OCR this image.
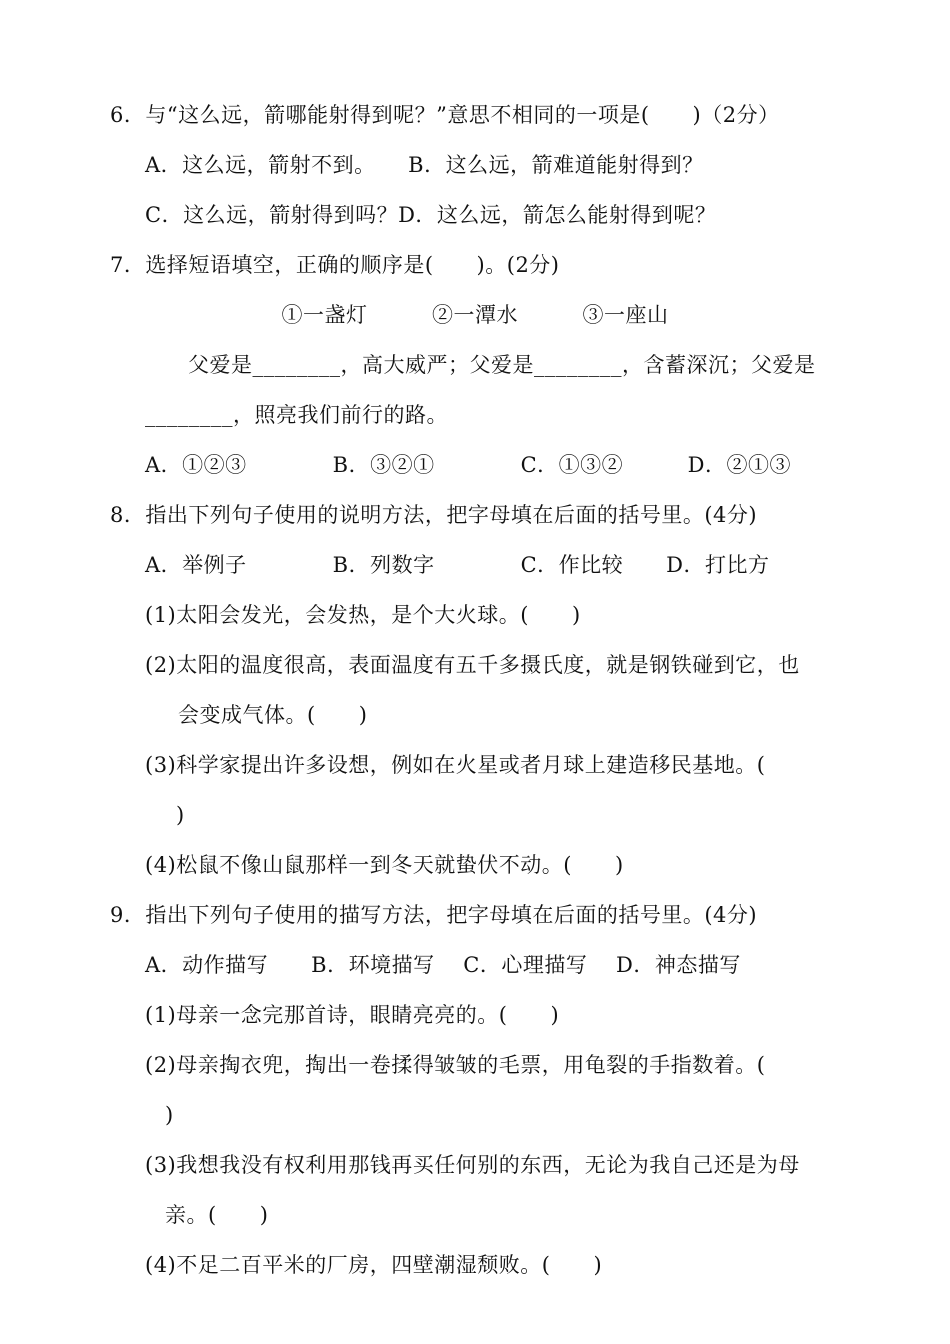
6．与“这么远，箭哪能射得到呢？”意思不相同的一项是(　　)（2分）
A．这么远，箭射不到。　　B．这么远，箭难道能射得到？
C．这么远，箭射得到吗？D．这么远，箭怎么能射得到呢？
7．选择短语填空，正确的顺序是(　　)。(2分)
①一盏灯　　　②一潭水　　　③一座山
父爱是________，高大威严；父爱是________，含蓄深沉；父爱是
________，照亮我们前行的路。
A．①②③　　　　B．③②①　　　　C．①③②　　　D．②①③
8．指出下列句子使用的说明方法，把字母填在后面的括号里。(4分)
A．举例子　　　　B．列数字　　　　C．作比较　　D．打比方
(1)太阳会发光，会发热，是个大火球。(　　)
(2)太阳的温度很高，表面温度有五千多摄氏度，就是钢铁碰到它，也
会变成气体。(　　)
(3)科学家提出许多设想，例如在火星或者月球上建造移民基地。(
)
(4)松鼠不像山鼠那样一到冬天就蛰伏不动。(　　)
9．指出下列句子使用的描写方法，把字母填在后面的括号里。(4分)
A．动作描写　　B．环境描写　 C．心理描写　 D．神态描写
(1)母亲一念完那首诗，眼睛亮亮的。(　　)
(2)母亲掏衣兜，掏出一卷揉得皱皱的毛票，用龟裂的手指数着。(
)
(3)我想我没有权利用那钱再买任何别的东西，无论为我自己还是为母
亲。(　　)
(4)不足二百平米的厂房，四壁潮湿颓败。(　　)
